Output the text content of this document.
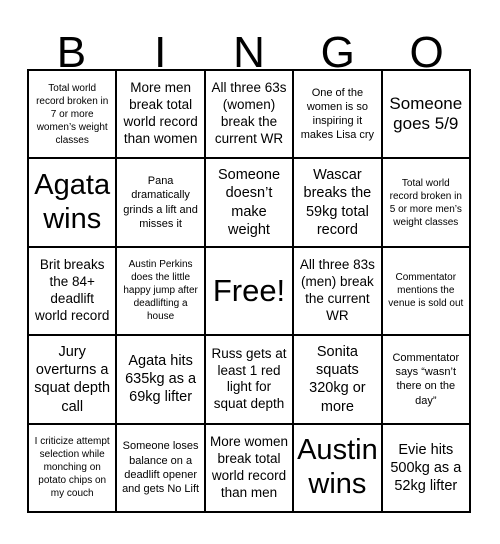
B	I	N	G	O
Total world record broken in 7 or more women’s weight classes
More men break total world record than women
All three 63s (women) break the current WR
One of the women is so inspiring it makes Lisa cry
Someone goes 5/9
Agata wins
Pana dramatically grinds a lift and misses it
Someone doesn’t make weight
Wascar breaks the 59kg total record
Total world record broken in 5 or more men’s weight classes
Brit breaks the 84+ deadlift world record
Austin Perkins does the little happy jump after deadlifting a house
Free!
All three 83s (men) break the current WR
Commentator mentions the venue is sold out
Jury overturns a squat depth call
Agata hits 635kg as a 69kg lifter
Russ gets at least 1 red light for squat depth
Sonita squats 320kg or more
Commentator says “wasn’t there on the day”
I criticize attempt selection while monching on potato chips on my couch
Someone loses balance on a deadlift opener and gets No Lift
More women break total world record than men
Austin wins
Evie hits 500kg as a 52kg lifter
